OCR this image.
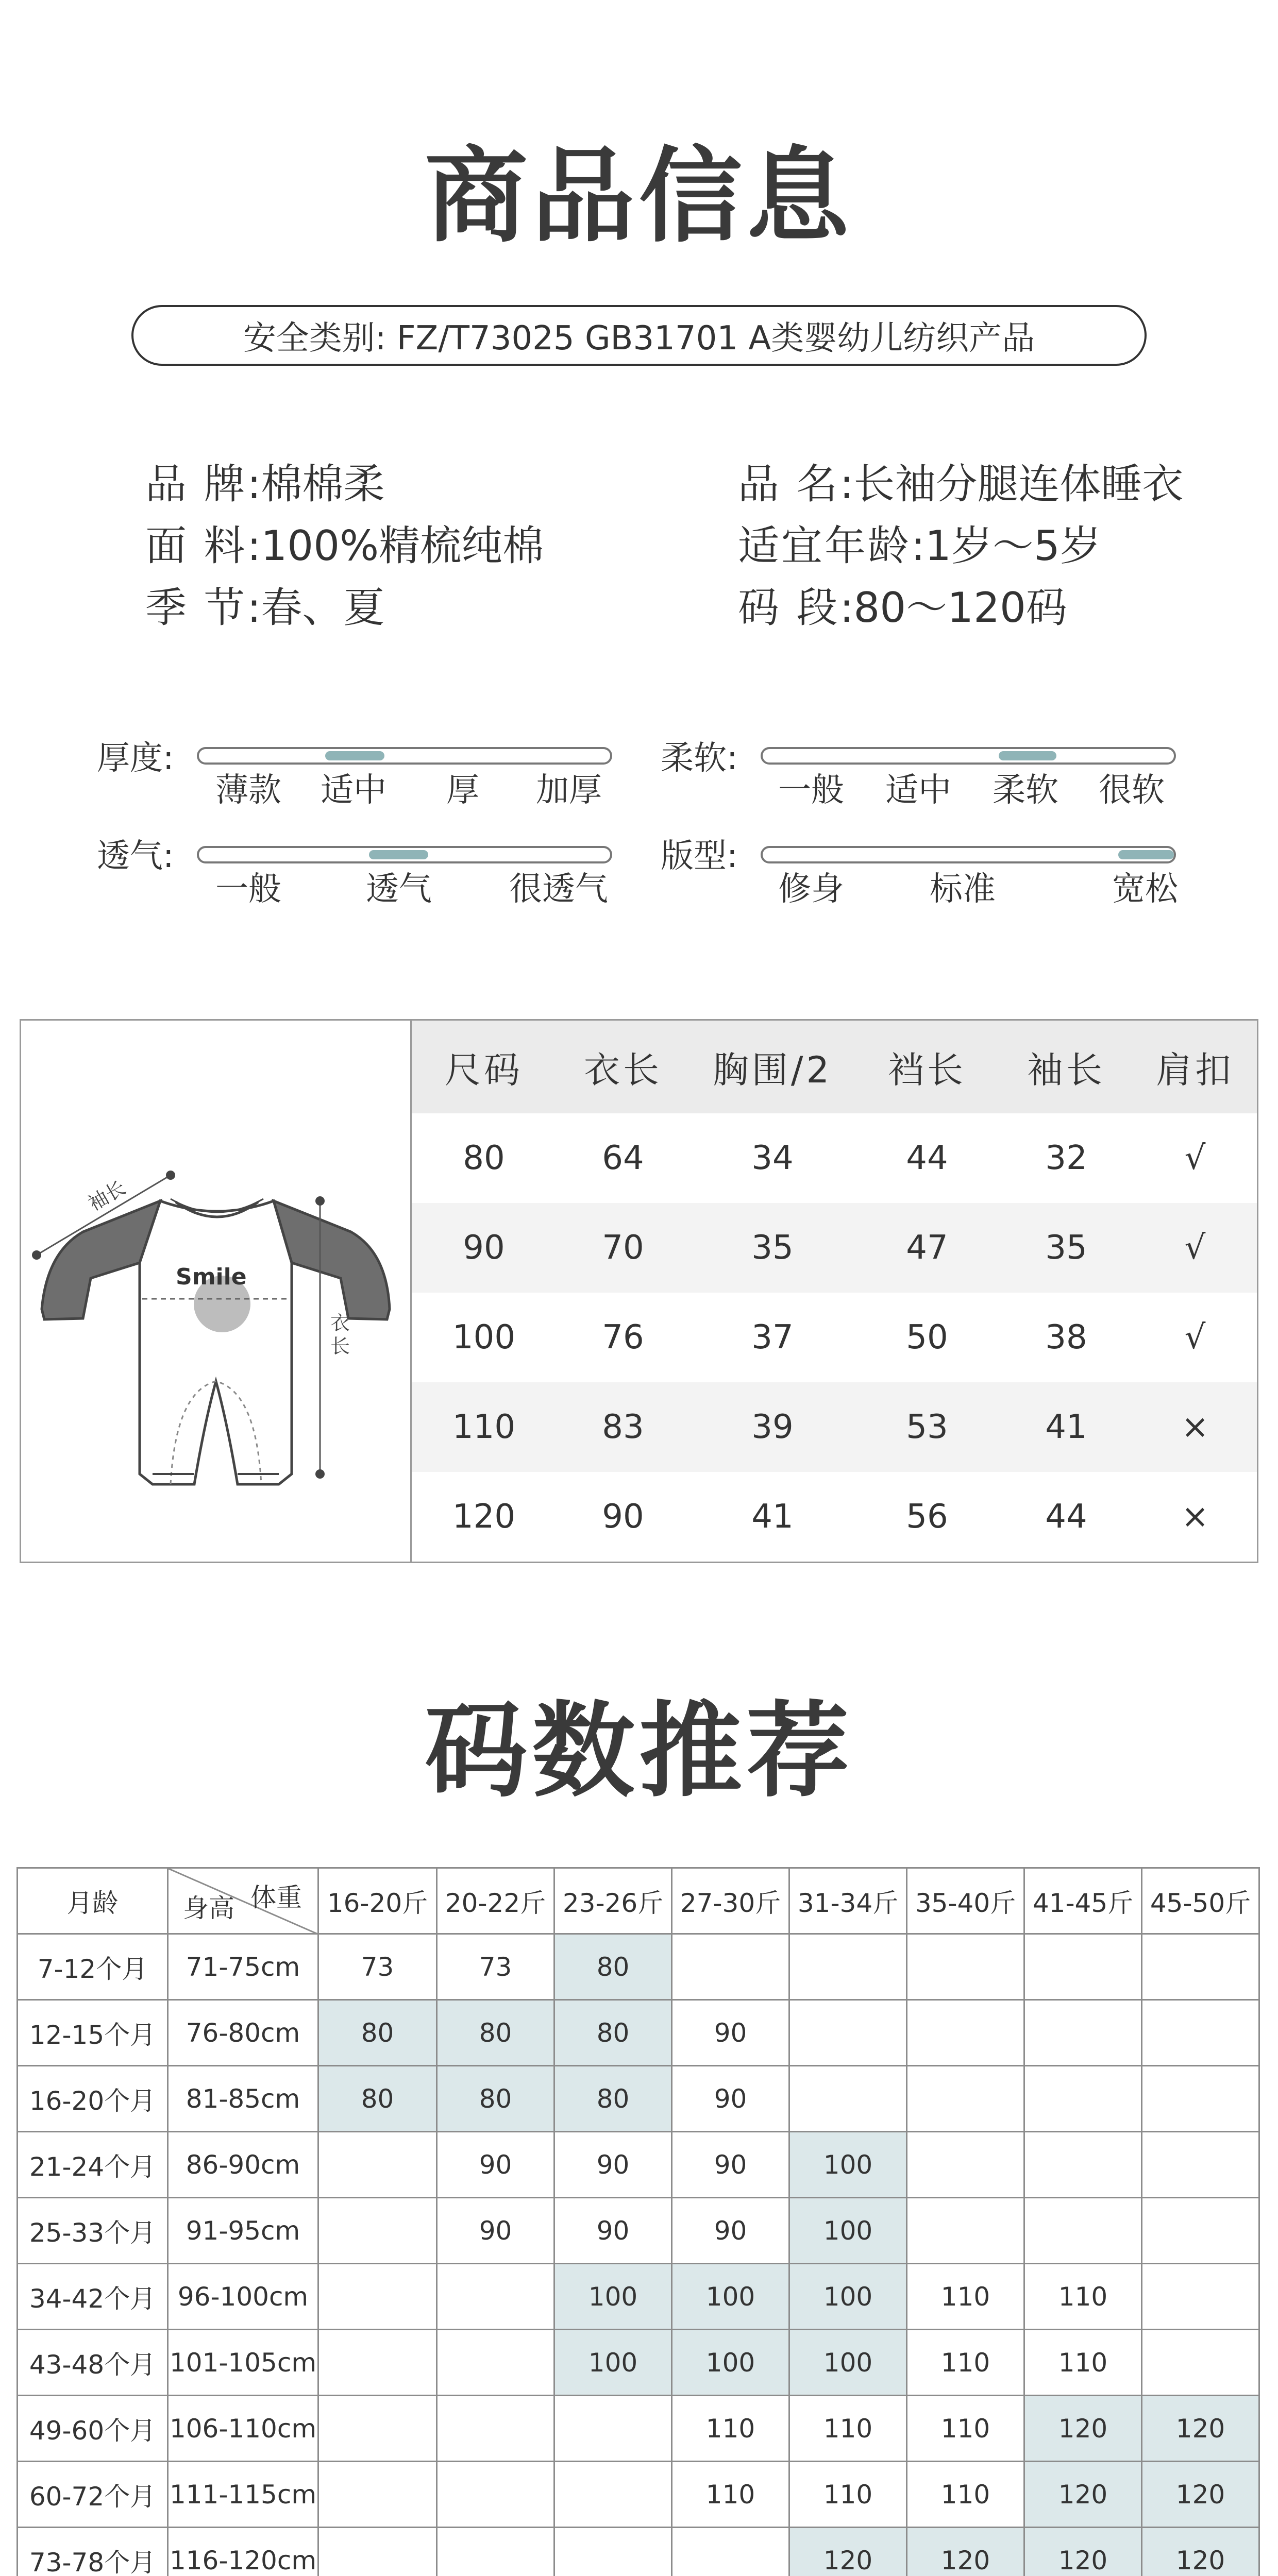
商品信息
安全类别: FZ/T73025 GB31701 A类婴幼儿纺织产品
品 牌:棉棉柔
面 料:100%精梳纯棉
季 节:春、夏
品 名:长袖分腿连体睡衣
适宜年龄:1岁～5岁
码 段:80～120码
厚度:
薄款 适中 厚 加厚
柔软:
一般 适中 柔软 很软
透气:
一般	透气 很透气
版型:
修身	标准	宽松
Smile
袖长
衣
长
尺码	衣长	胸围/2	裆长	袖长	肩扣
80	64	34	44	32	√
90	70	35	47	35	√
100	76	37	50	38	√
110	83	39	53	41	×
120	90	41	56	44	×
码数推荐
月龄	体重
身高	16-20斤	20-22斤	23-26斤	27-30斤	31-34斤	35-40斤	41-45斤	45-50斤
7-12个月	71-75cm	73	73	80					
12-15个月	76-80cm	80	80	80	90				
16-20个月	81-85cm	80	80	80	90				
21-24个月	86-90cm		90	90	90	100			
25-33个月	91-95cm		90	90	90	100			
34-42个月	96-100cm			100	100	100	110	110	
43-48个月	101-105cm			100	100	100	110	110	
49-60个月	106-110cm				110	110	110	120	120
60-72个月	111-115cm				110	110	110	120	120
73-78个月	116-120cm					120	120	120	120
